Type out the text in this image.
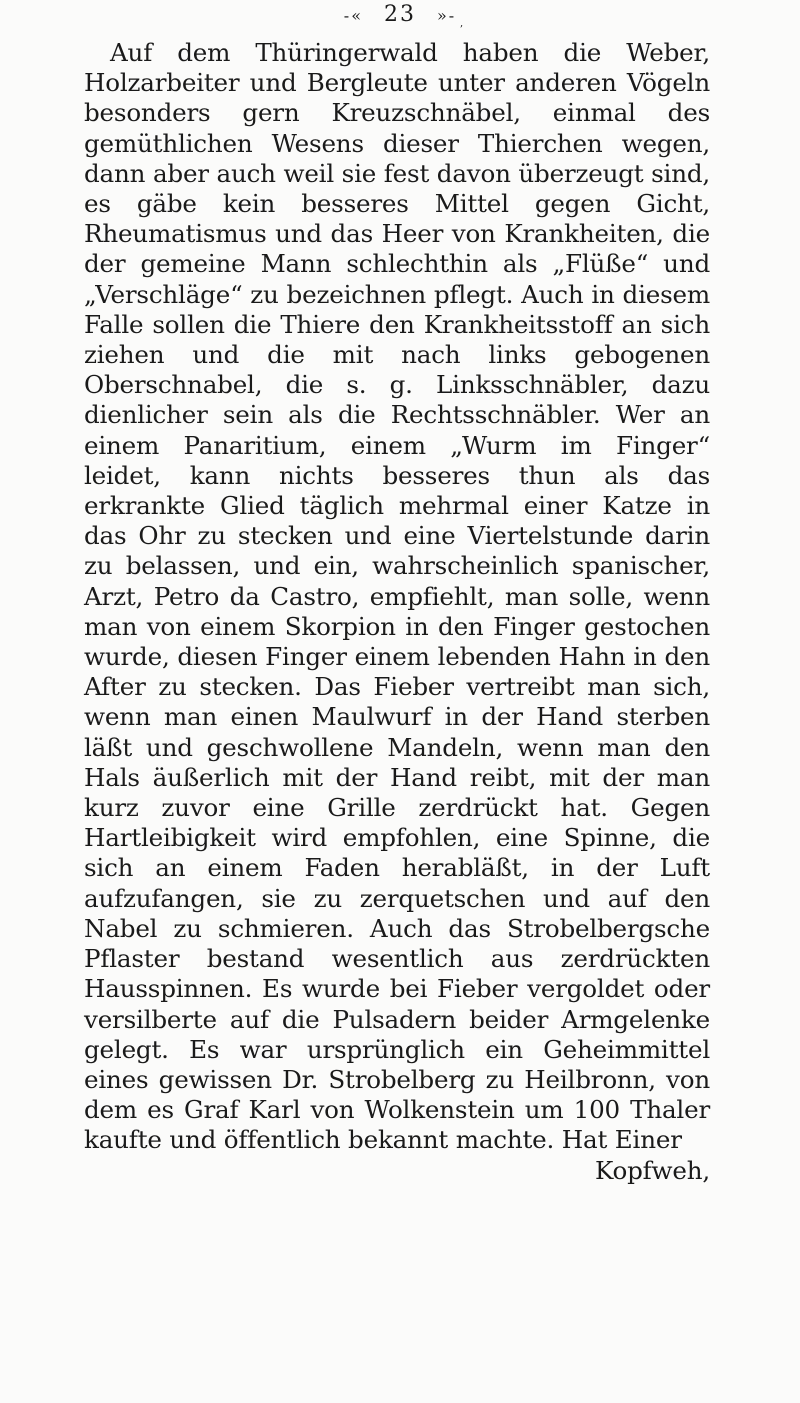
-« 23 »- ,

Auf dem Thüringerwald haben die Weber, Holzarbeiter und Bergleute unter anderen Vögeln besonders gern Kreuzschnäbel, einmal des gemüthlichen Wesens dieser Thierchen wegen, dann aber auch weil sie fest davon überzeugt sind, es gäbe kein besseres Mittel gegen Gicht, Rheumatismus und das Heer von Krankheiten, die der gemeine Mann schlechthin als „Flüße“ und „Verschläge“ zu bezeichnen pflegt. Auch in diesem Falle sollen die Thiere den Krankheitsstoff an sich ziehen und die mit nach links gebogenen Oberschnabel, die s. g. Linksschnäbler, dazu dienlicher sein als die Rechtsschnäbler. Wer an einem Panaritium, einem „Wurm im Finger“ leidet, kann nichts besseres thun als das erkrankte Glied täglich mehrmal einer Katze in das Ohr zu stecken und eine Viertelstunde darin zu belassen, und ein, wahrscheinlich spanischer, Arzt, Petro da Castro, empfiehlt, man solle, wenn man von einem Skorpion in den Finger gestochen wurde, diesen Finger einem lebenden Hahn in den After zu stecken. Das Fieber vertreibt man sich, wenn man einen Maulwurf in der Hand sterben läßt und geschwollene Mandeln, wenn man den Hals äußerlich mit der Hand reibt, mit der man kurz zuvor eine Grille zerdrückt hat. Gegen Hartleibigkeit wird empfohlen, eine Spinne, die sich an einem Faden herabläßt, in der Luft aufzufangen, sie zu zerquetschen und auf den Nabel zu schmieren. Auch das Strobelbergsche Pflaster bestand wesentlich aus zerdrückten Hausspinnen. Es wurde bei Fieber vergoldet oder versilberte auf die Pulsadern beider Armgelenke gelegt. Es war ursprünglich ein Geheimmittel eines gewissen Dr. Strobelberg zu Heilbronn, von dem es Graf Karl von Wolkenstein um 100 Thaler kaufte und öffentlich bekannt machte. Hat Einer

Kopfweh,
